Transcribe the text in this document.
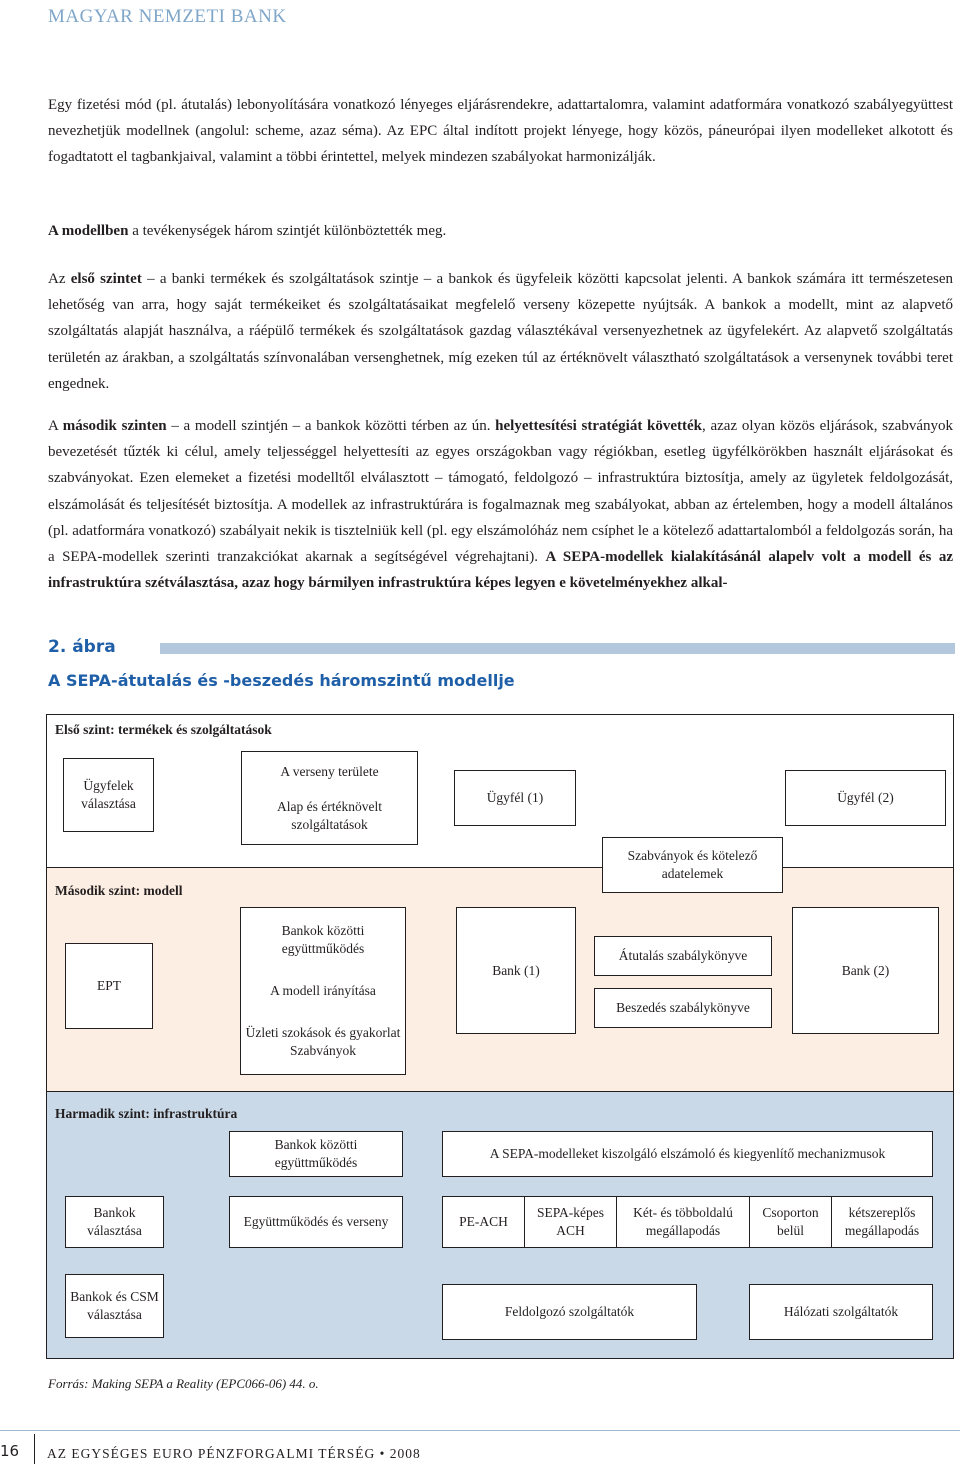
MAGYAR NEMZETI BANK

Egy fizetési mód (pl. átutalás) lebonyolítására vonatkozó lényeges eljárásrendekre, adattartalomra, valamint adatformára vonatkozó szabályegyüttest nevezhetjük modellnek (angolul: scheme, azaz séma). Az EPC által indított projekt lényege, hogy közös, páneurópai ilyen modelleket alkotott és fogadtatott el tagbankjaival, valamint a többi érintettel, melyek mindezen szabályokat harmonizálják.

A modellben a tevékenységek három szintjét különböztették meg.

Az első szintet – a banki termékek és szolgáltatások szintje – a bankok és ügyfeleik közötti kapcsolat jelenti. A bankok számára itt természetesen lehetőség van arra, hogy saját termékeiket és szolgáltatásaikat megfelelő verseny közepette nyújtsák. A bankok a modellt, mint az alapvető szolgáltatás alapját használva, a ráépülő termékek és szolgáltatások gazdag választékával versenyezhetnek az ügyfelekért. Az alapvető szolgáltatás területén az árakban, a szolgáltatás színvonalában versenghetnek, míg ezeken túl az értéknövelt választható szolgáltatások a versenynek további teret engednek.

A második szinten – a modell szintjén – a bankok közötti térben az ún. helyettesítési stratégiát követték, azaz olyan közös eljárások, szabványok bevezetését tűzték ki célul, amely teljességgel helyettesíti az egyes országokban vagy régiókban, esetleg ügyfélkörökben használt eljárásokat és szabványokat. Ezen elemeket a fizetési modelltől elválasztott – támogató, feldolgozó – infrastruktúra biztosítja, amely az ügyletek feldolgozását, elszámolását és teljesítését biztosítja. A modellek az infrastruktúrára is fogalmaznak meg szabályokat, abban az értelemben, hogy a modell általános (pl. adatformára vonatkozó) szabályait nekik is tisztelniük kell (pl. egy elszámolóház nem csíphet le a kötelező adattartalomból a feldolgozás során, ha a SEPA-modellek szerinti tranzakciókat akarnak a segítségével végrehajtani). A SEPA-modellek kialakításánál alapelv volt a modell és az infrastruktúra szétválasztása, azaz hogy bármilyen infrastruktúra képes legyen e követelményekhez alkal-

2. ábra
A SEPA-átutalás és -beszedés háromszintű modellje
Első szint: termékek és szolgáltatások
Ügyfelek választása
A verseny területe
Alap és értéknövelt szolgáltatások
Ügyfél (1)	Ügyfél (2)
Szabványok és kötelező adatelemek
Második szint: modell
EPT
Bankok közötti együttműködés
A modell irányítása
Üzleti szokások és gyakorlat Szabványok
Bank (1)
Átutalás szabálykönyve
Beszedés szabálykönyve
Bank (2)
Harmadik szint: infrastruktúra
Bankok közötti együttműködés
A SEPA-modelleket kiszolgáló elszámoló és kiegyenlítő mechanizmusok
Bankok választása
Együttműködés és verseny	PE-ACH
SEPA-képes ACH
Két- és többoldalú megállapodás
Csoporton belül
kétszereplős megállapodás
Bankok és CSM választása	Feldolgozó szolgáltatók	Hálózati szolgáltatók
Forrás: Making SEPA a Reality (EPC066-06) 44. o.
16 AZ EGYSÉGES EURO PÉNZFORGALMI TÉRSÉG • 2008
